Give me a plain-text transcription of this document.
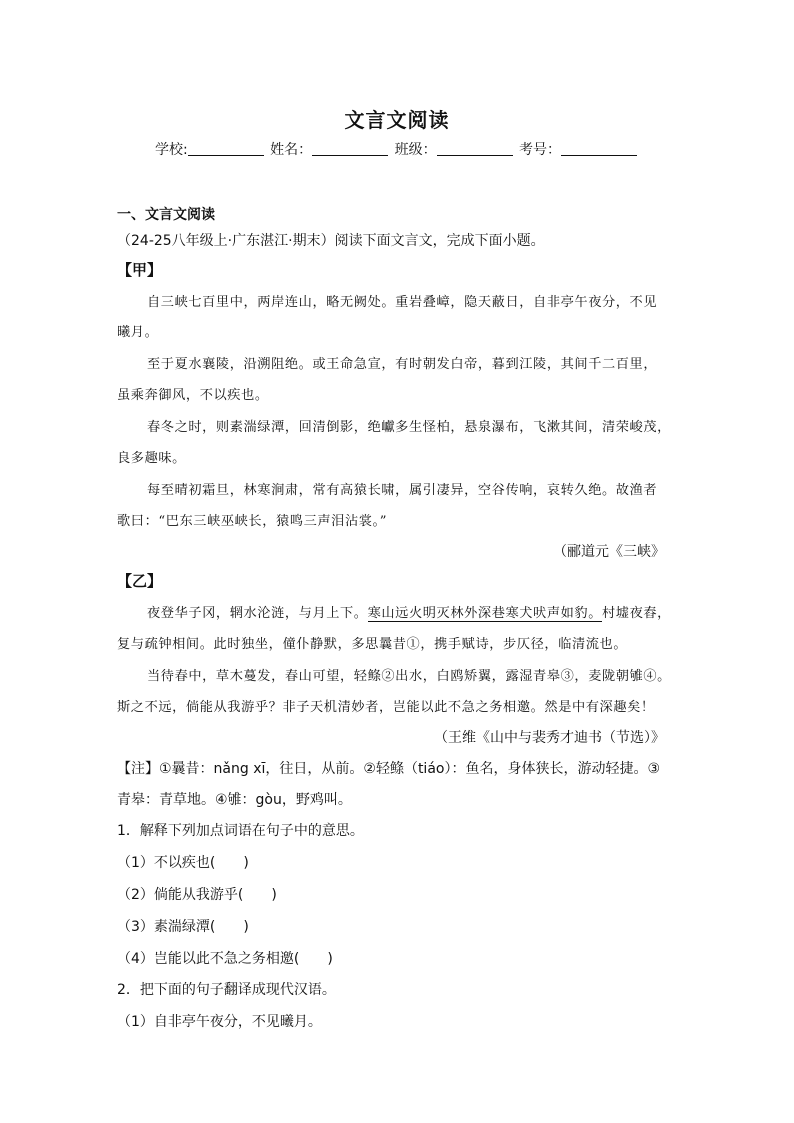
文言文阅读
学校:	姓名：	班级：	考号：
一、文言文阅读
（24-25八年级上·广东湛江·期末）阅读下面文言文，完成下面小题。
【甲】
自三峡七百里中，两岸连山，略无阙处。重岩叠嶂，隐天蔽日，自非亭午夜分，不见
曦月。
至于夏水襄陵，沿溯阻绝。或王命急宣，有时朝发白帝，暮到江陵，其间千二百里，
虽乘奔御风，不以疾也。
春冬之时，则素湍绿潭，回清倒影，绝巘多生怪柏，悬泉瀑布，飞漱其间，清荣峻茂，
良多趣味。
每至晴初霜旦，林寒涧肃，常有高猿长啸，属引凄异，空谷传响，哀转久绝。故渔者
歌曰：“巴东三峡巫峡长，猿鸣三声泪沾裳。”
（郦道元《三峡》
【乙】
夜登华子冈，辋水沦涟，与月上下。寒山远火明灭林外深巷寒犬吠声如豹。村墟夜舂，
复与疏钟相间。此时独坐，僮仆静默，多思曩昔①，携手赋诗，步仄径，临清流也。
当待春中，草木蔓发，春山可望，轻鲦②出水，白鸥矫翼，露湿青皋③，麦陇朝雊④。
斯之不远，倘能从我游乎？非子天机清妙者，岂能以此不急之务相邀。然是中有深趣矣！
（王维《山中与裴秀才迪书（节选）》
【注】①曩昔：nǎng xī，往日，从前。②轻鲦（tiáo）：鱼名，身体狭长，游动轻捷。③
青皋：青草地。④雊：gòu，野鸡叫。
1．解释下列加点词语在句子中的意思。
（1）不以疾也( )
（2）倘能从我游乎( )
（3）素湍绿潭( )
（4）岂能以此不急之务相邀( )
2．把下面的句子翻译成现代汉语。
（1）自非亭午夜分，不见曦月。
